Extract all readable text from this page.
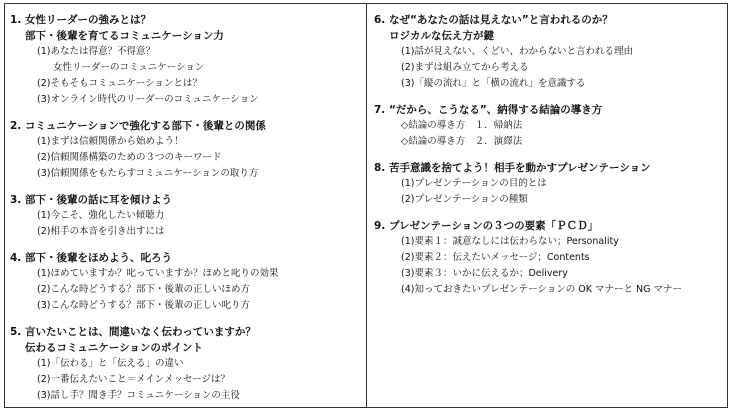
1. 女性リーダーの強みとは？
部下・後輩を育てるコミュニケーション力
(1)あなたは得意？不得意？
女性リーダーのコミュニケーション
(2)そもそもコミュニケーションとは？
(3)オンライン時代のリーダーのコミュニケーション
2. コミュニケーションで強化する部下・後輩との関係
(1)まずは信頼関係から始めよう！
(2)信頼関係構築のための３つのキーワード
(3)信頼関係をもたらすコミュニケーションの取り方
3. 部下・後輩の話に耳を傾けよう
(1)今こそ、強化したい傾聴力
(2)相手の本音を引き出すには
4. 部下・後輩をほめよう、叱ろう
(1)ほめていますか？叱っていますか？ほめと叱りの効果
(2)こんな時どうする？部下・後輩の正しいほめ方
(3)こんな時どうする？部下・後輩の正しい叱り方
5. 言いたいことは、間違いなく伝わっていますか？
伝わるコミュニケーションのポイント
(1)「伝わる」と「伝える」の違い
(2)一番伝えたいこと＝メインメッセージは？
(3)話し手？聞き手？コミュニケーションの主役
6. なぜ“あなたの話は見えない”と言われるのか？
ロジカルな伝え方が鍵
(1)話が見えない、くどい、わからないと言われる理由
(2)まずは組み立てから考える
(3)「縦の流れ」と「横の流れ」を意識する
7. “だから、こうなる”、納得する結論の導き方
◇結論の導き方　１．帰納法
◇結論の導き方　２．演繹法
8. 苦手意識を捨てよう！相手を動かすプレゼンテーション
(1)プレゼンテーションの目的とは
(2)プレゼンテーションの種類
9. プレゼンテーションの３つの要素「ＰＣＤ」
(1)要素１：誠意なしには伝わらない；Personality
(2)要素２：伝えたいメッセージ；Contents
(3)要素３：いかに伝えるか；Delivery
(4)知っておきたいプレゼンテーションの OK マナーと NG マナー
